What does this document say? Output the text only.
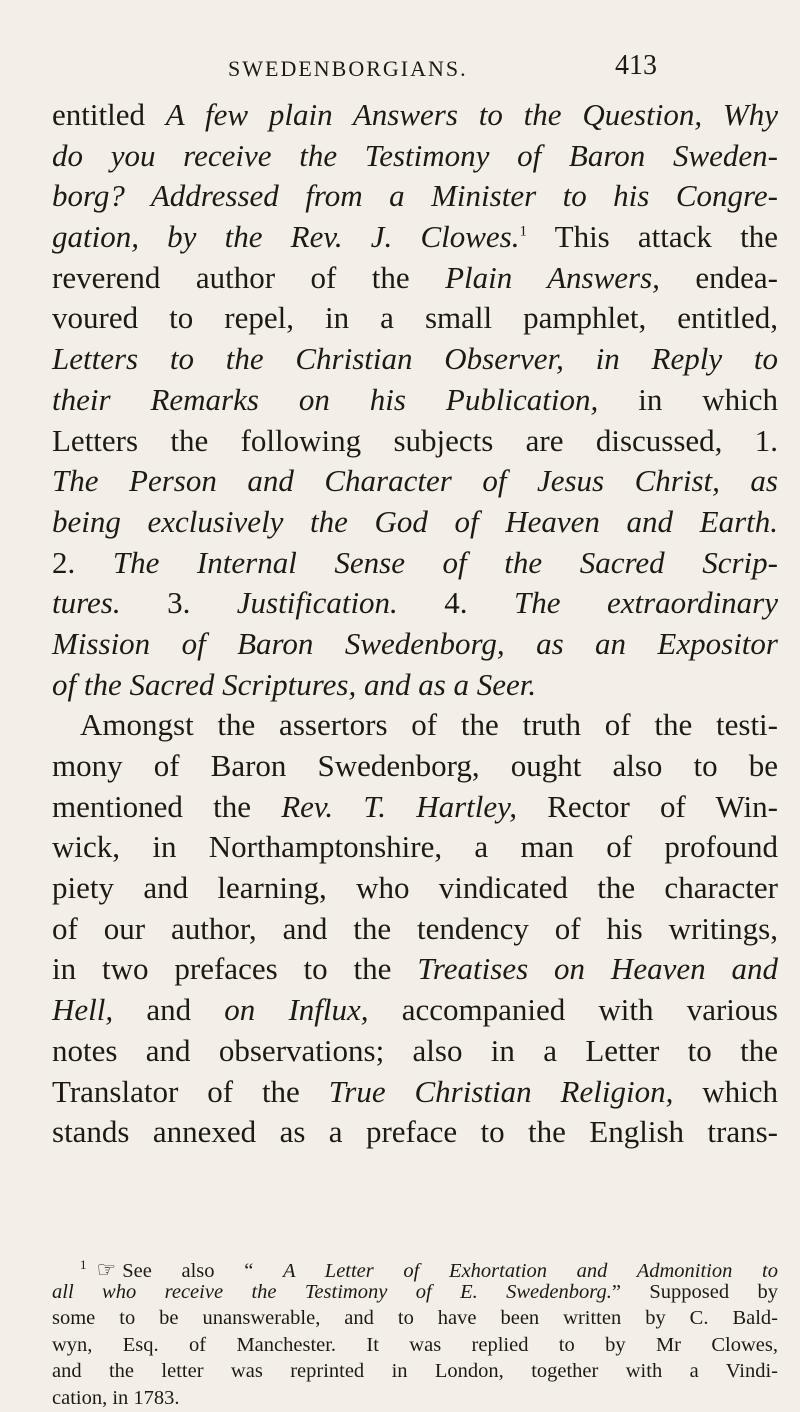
SWEDENBORGIANS.	413
entitled A few plain Answers to the Question, Why
do you receive the Testimony of Baron Sweden-
borg? Addressed from a Minister to his Congre-
gation, by the Rev. J. Clowes.$^1$ This attack the
reverend author of the Plain Answers, endea-
voured to repel, in a small pamphlet, entitled,
Letters to the Christian Observer, in Reply to
their Remarks on his Publication, in which
Letters the following subjects are discussed, 1.
The Person and Character of Jesus Christ, as
being exclusively the God of Heaven and Earth.
2. The Internal Sense of the Sacred Scrip-
tures. 3. Justification. 4. The extraordinary
Mission of Baron Swedenborg, as an Expositor
of the Sacred Scriptures, and as a Seer.
Amongst the assertors of the truth of the testi-
mony of Baron Swedenborg, ought also to be
mentioned the Rev. T. Hartley, Rector of Win-
wick, in Northamptonshire, a man of profound
piety and learning, who vindicated the character
of our author, and the tendency of his writings,
in two prefaces to the Treatises on Heaven and
Hell, and on Influx, accompanied with various
notes and observations; also in a Letter to the
Translator of the True Christian Religion, which
stands annexed as a preface to the English trans-
$^1$ ☞ See also “ A Letter of Exhortation and Admonition to
all who receive the Testimony of E. Swedenborg.” Supposed by
some to be unanswerable, and to have been written by C. Bald-
wyn, Esq. of Manchester. It was replied to by Mr Clowes,
and the letter was reprinted in London, together with a Vindi-
cation, in 1783.
